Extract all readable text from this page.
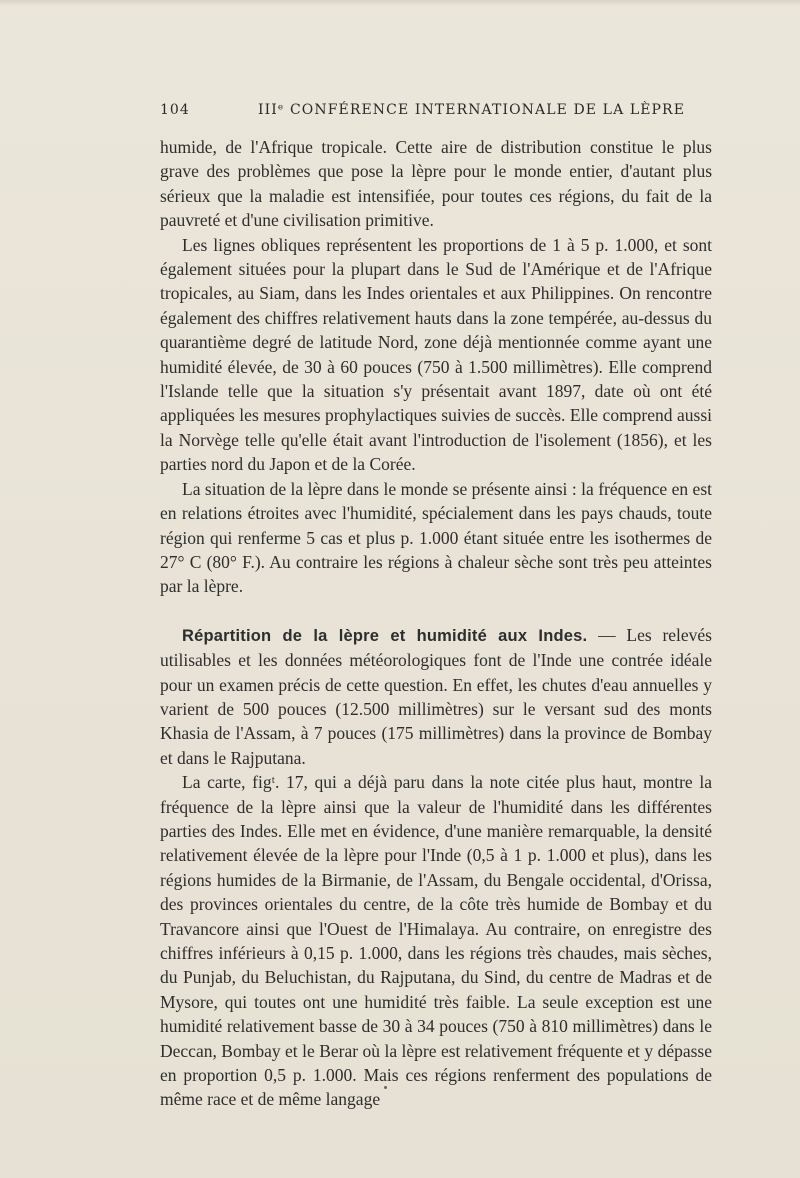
104	IIIᵉ CONFÉRENCE INTERNATIONALE DE LA LÈPRE

humide, de l'Afrique tropicale. Cette aire de distribution constitue le plus grave des problèmes que pose la lèpre pour le monde entier, d'autant plus sérieux que la maladie est intensifiée, pour toutes ces régions, du fait de la pauvreté et d'une civilisation primitive.

Les lignes obliques représentent les proportions de 1 à 5 p. 1.000, et sont également situées pour la plupart dans le Sud de l'Amérique et de l'Afrique tropicales, au Siam, dans les Indes orientales et aux Philippines. On rencontre également des chiffres relativement hauts dans la zone tempérée, au-dessus du quarantième degré de latitude Nord, zone déjà mentionnée comme ayant une humidité élevée, de 30 à 60 pouces (750 à 1.500 millimètres). Elle comprend l'Islande telle que la situation s'y présentait avant 1897, date où ont été appliquées les mesures prophylactiques suivies de succès. Elle comprend aussi la Norvège telle qu'elle était avant l'introduction de l'isolement (1856), et les parties nord du Japon et de la Corée.

La situation de la lèpre dans le monde se présente ainsi : la fréquence en est en relations étroites avec l'humidité, spécialement dans les pays chauds, toute région qui renferme 5 cas et plus p. 1.000 étant située entre les isothermes de 27° C (80° F.). Au contraire les régions à chaleur sèche sont très peu atteintes par la lèpre.

Répartition de la lèpre et humidité aux Indes. — Les relevés utilisables et les données météorologiques font de l'Inde une contrée idéale pour un examen précis de cette question. En effet, les chutes d'eau annuelles y varient de 500 pouces (12.500 millimètres) sur le versant sud des monts Khasia de l'Assam, à 7 pouces (175 millimètres) dans la province de Bombay et dans le Rajputana.

La carte, figᵗ. 17, qui a déjà paru dans la note citée plus haut, montre la fréquence de la lèpre ainsi que la valeur de l'humidité dans les différentes parties des Indes. Elle met en évidence, d'une manière remarquable, la densité relativement élevée de la lèpre pour l'Inde (0,5 à 1 p. 1.000 et plus), dans les régions humides de la Birmanie, de l'Assam, du Bengale occidental, d'Orissa, des provinces orientales du centre, de la côte très humide de Bombay et du Travancore ainsi que l'Ouest de l'Himalaya. Au contraire, on enregistre des chiffres inférieurs à 0,15 p. 1.000, dans les régions très chaudes, mais sèches, du Punjab, du Beluchistan, du Rajputana, du Sind, du centre de Madras et de Mysore, qui toutes ont une humidité très faible. La seule exception est une humidité relativement basse de 30 à 34 pouces (750 à 810 millimètres) dans le Deccan, Bombay et le Berar où la lèpre est relativement fréquente et y dépasse en proportion 0,5 p. 1.000. Mais ces régions renferment des populations de même race et de même langage
